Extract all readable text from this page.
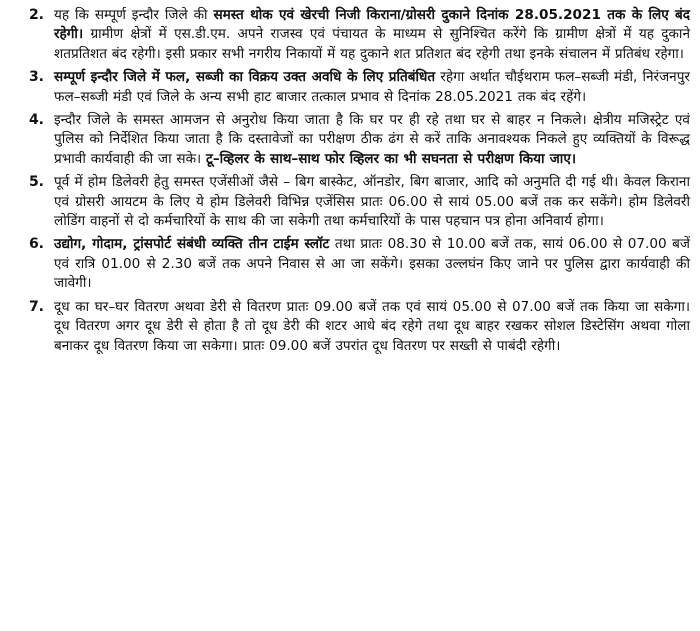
2. यह कि सम्पूर्ण इन्दौर जिले की समस्त थोक एवं खेरची निजी किराना/ग्रोसरी दुकाने दिनांक 28.05.2021 तक के लिए बंद रहेगी। ग्रामीण क्षेत्रों में एस.डी.एम. अपने राजस्व एवं पंचायत के माध्यम से सुनिश्चित करेंगे कि ग्रामीण क्षेत्रों में यह दुकाने शतप्रतिशत बंद रहेगी। इसी प्रकार सभी नगरीय निकायों में यह दुकाने शत प्रतिशत बंद रहेगी तथा इनके संचालन में प्रतिबंध रहेगा।
3. सम्पूर्ण इन्दौर जिले में फल, सब्जी का विक्रय उक्त अवधि के लिए प्रतिबंधित रहेगा अर्थात चौईथराम फल–सब्जी मंडी, निरंजनपुर फल–सब्जी मंडी एवं जिले के अन्य सभी हाट बाजार तत्काल प्रभाव से दिनांक 28.05.2021 तक बंद रहेंगे।
4. इन्दौर जिले के समस्त आमजन से अनुरोध किया जाता है कि घर पर ही रहे तथा घर से बाहर न निकले। क्षेत्रीय मजिस्ट्रेट एवं पुलिस को निर्देशित किया जाता है कि दस्तावेजों का परीक्षण ठीक ढंग से करें ताकि अनावश्यक निकले हुए व्यक्तियों के विरूद्ध प्रभावी कार्यवाही की जा सके। टू–व्हिलर के साथ–साथ फोर व्हिलर का भी सघनता से परीक्षण किया जाए।
5. पूर्व में होम डिलेवरी हेतु समस्त एजेंसीओं जैसे – बिग बास्केट, ऑनडोर, बिग बाजार, आदि को अनुमति दी गई थी। केवल किराना एवं ग्रोसरी आयटम के लिए ये होम डिलेवरी विभिन्न एजेंसिस प्रातः 06.00 से सायं 05.00 बजें तक कर सकेंगे। होम डिलेवरी लोडिंग वाहनों से दो कर्मचारियों के साथ की जा सकेगी तथा कर्मचारियों के पास पहचान पत्र होना अनिवार्य होगा।
6. उद्योग, गोदाम, ट्रांसपोर्ट संबंधी व्यक्ति तीन टाईम स्लॉट तथा प्रातः 08.30 से 10.00 बजें तक, सायं 06.00 से 07.00 बजें एवं रात्रि 01.00 से 2.30 बजें तक अपने निवास से आ जा सकेंगे। इसका उल्लघंन किए जाने पर पुलिस द्वारा कार्यवाही की जावेगी।
7. दूध का घर–घर वितरण अथवा डेरी से वितरण प्रातः 09.00 बजें तक एवं सायं 05.00 से 07.00 बजें तक किया जा सकेगा। दूध वितरण अगर दूध डेरी से होता है तो दूध डेरी की शटर आधे बंद रहेगे तथा दूध बाहर रखकर सोशल डिस्टेसिंग अथवा गोला बनाकर दूध वितरण किया जा सकेगा। प्रातः 09.00 बजें उपरांत दूध वितरण पर सख्ती से पाबंदी रहेगी।
